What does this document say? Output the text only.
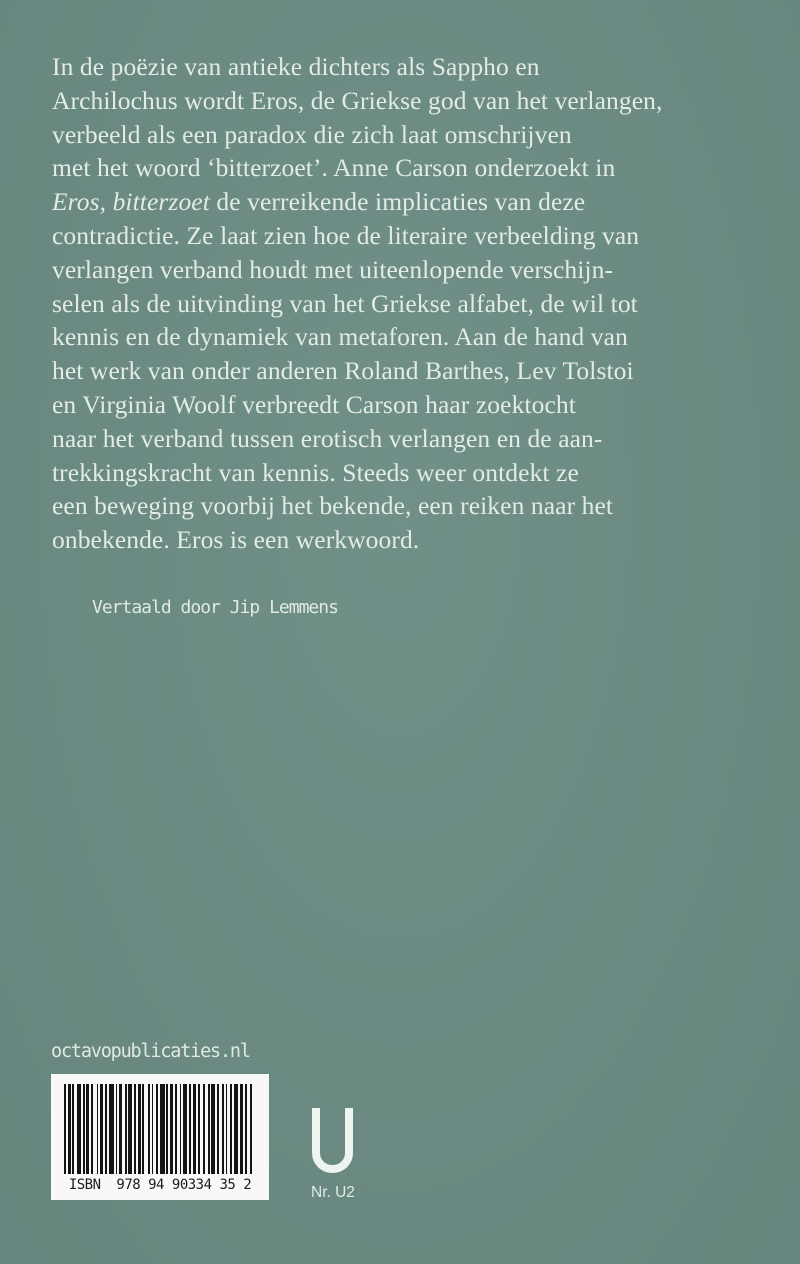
In de poëzie van antieke dichters als Sappho en
Archilochus wordt Eros, de Griekse god van het verlangen,
verbeeld als een paradox die zich laat omschrijven
met het woord ‘bitterzoet’. Anne Carson onderzoekt in
Eros, bitterzoet de verreikende implicaties van deze
contradictie. Ze laat zien hoe de literaire verbeelding van
verlangen verband houdt met uiteenlopende verschijn-
selen als de uitvinding van het Griekse alfabet, de wil tot
kennis en de dynamiek van metaforen. Aan de hand van
het werk van onder anderen Roland Barthes, Lev Tolstoi
en Virginia Woolf verbreedt Carson haar zoektocht
naar het verband tussen erotisch verlangen en de aan-
trekkingskracht van kennis. Steeds weer ontdekt ze
een beweging voorbij het bekende, een reiken naar het
onbekende. Eros is een werkwoord.
Vertaald door Jip Lemmens
octavopublicaties.nl
ISBN  978 94 90334 35 2	Nr. U2
